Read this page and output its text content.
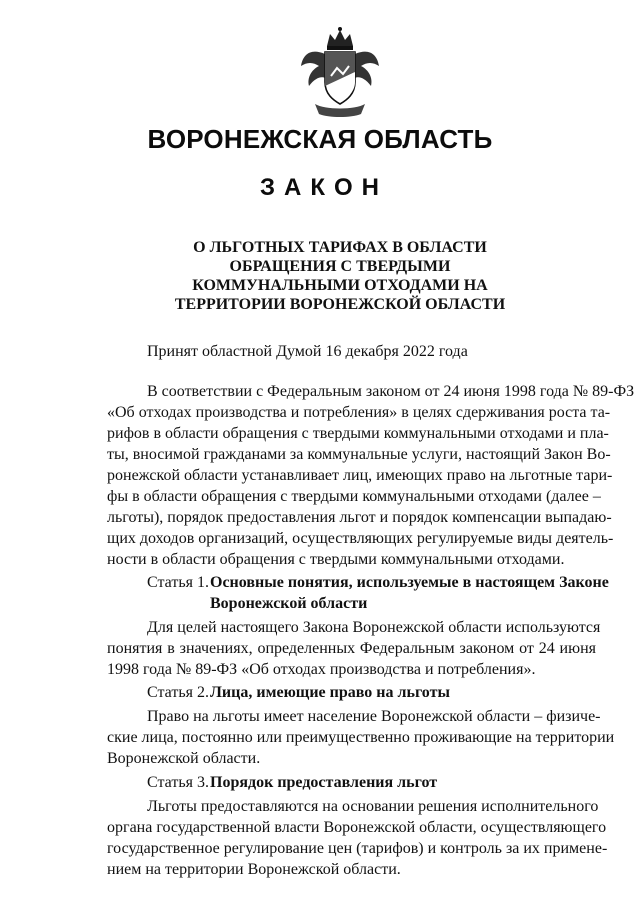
ВОРОНЕЖСКАЯ ОБЛАСТЬ
ЗАКОН
О ЛЬГОТНЫХ ТАРИФАХ В ОБЛАСТИ
ОБРАЩЕНИЯ С ТВЕРДЫМИ
КОММУНАЛЬНЫМИ ОТХОДАМИ НА
ТЕРРИТОРИИ ВОРОНЕЖСКОЙ ОБЛАСТИ
Принят областной Думой 16 декабря 2022 года
В соответствии с Федеральным законом от 24 июня 1998 года № 89-ФЗ
«Об отходах производства и потребления» в целях сдерживания роста та-
рифов в области обращения с твердыми коммунальными отходами и пла-
ты, вносимой гражданами за коммунальные услуги, настоящий Закон Во-
ронежской области устанавливает лиц, имеющих право на льготные тари-
фы в области обращения с твердыми коммунальными отходами (далее –
льготы), порядок предоставления льгот и порядок компенсации выпадаю-
щих доходов организаций, осуществляющих регулируемые виды деятель-
ности в области обращения с твердыми коммунальными отходами.
Статья 1. Основные понятия, используемые в настоящем Законе
Воронежской области
Для целей настоящего Закона Воронежской области используются
понятия в значениях, определенных Федеральным законом от 24 июня
1998 года № 89-ФЗ «Об отходах производства и потребления».
Статья 2. Лица, имеющие право на льготы
Право на льготы имеет население Воронежской области – физиче-
ские лица, постоянно или преимущественно проживающие на территории
Воронежской области.
Статья 3. Порядок предоставления льгот
Льготы предоставляются на основании решения исполнительного
органа государственной власти Воронежской области, осуществляющего
государственное регулирование цен (тарифов) и контроль за их примене-
нием на территории Воронежской области.
